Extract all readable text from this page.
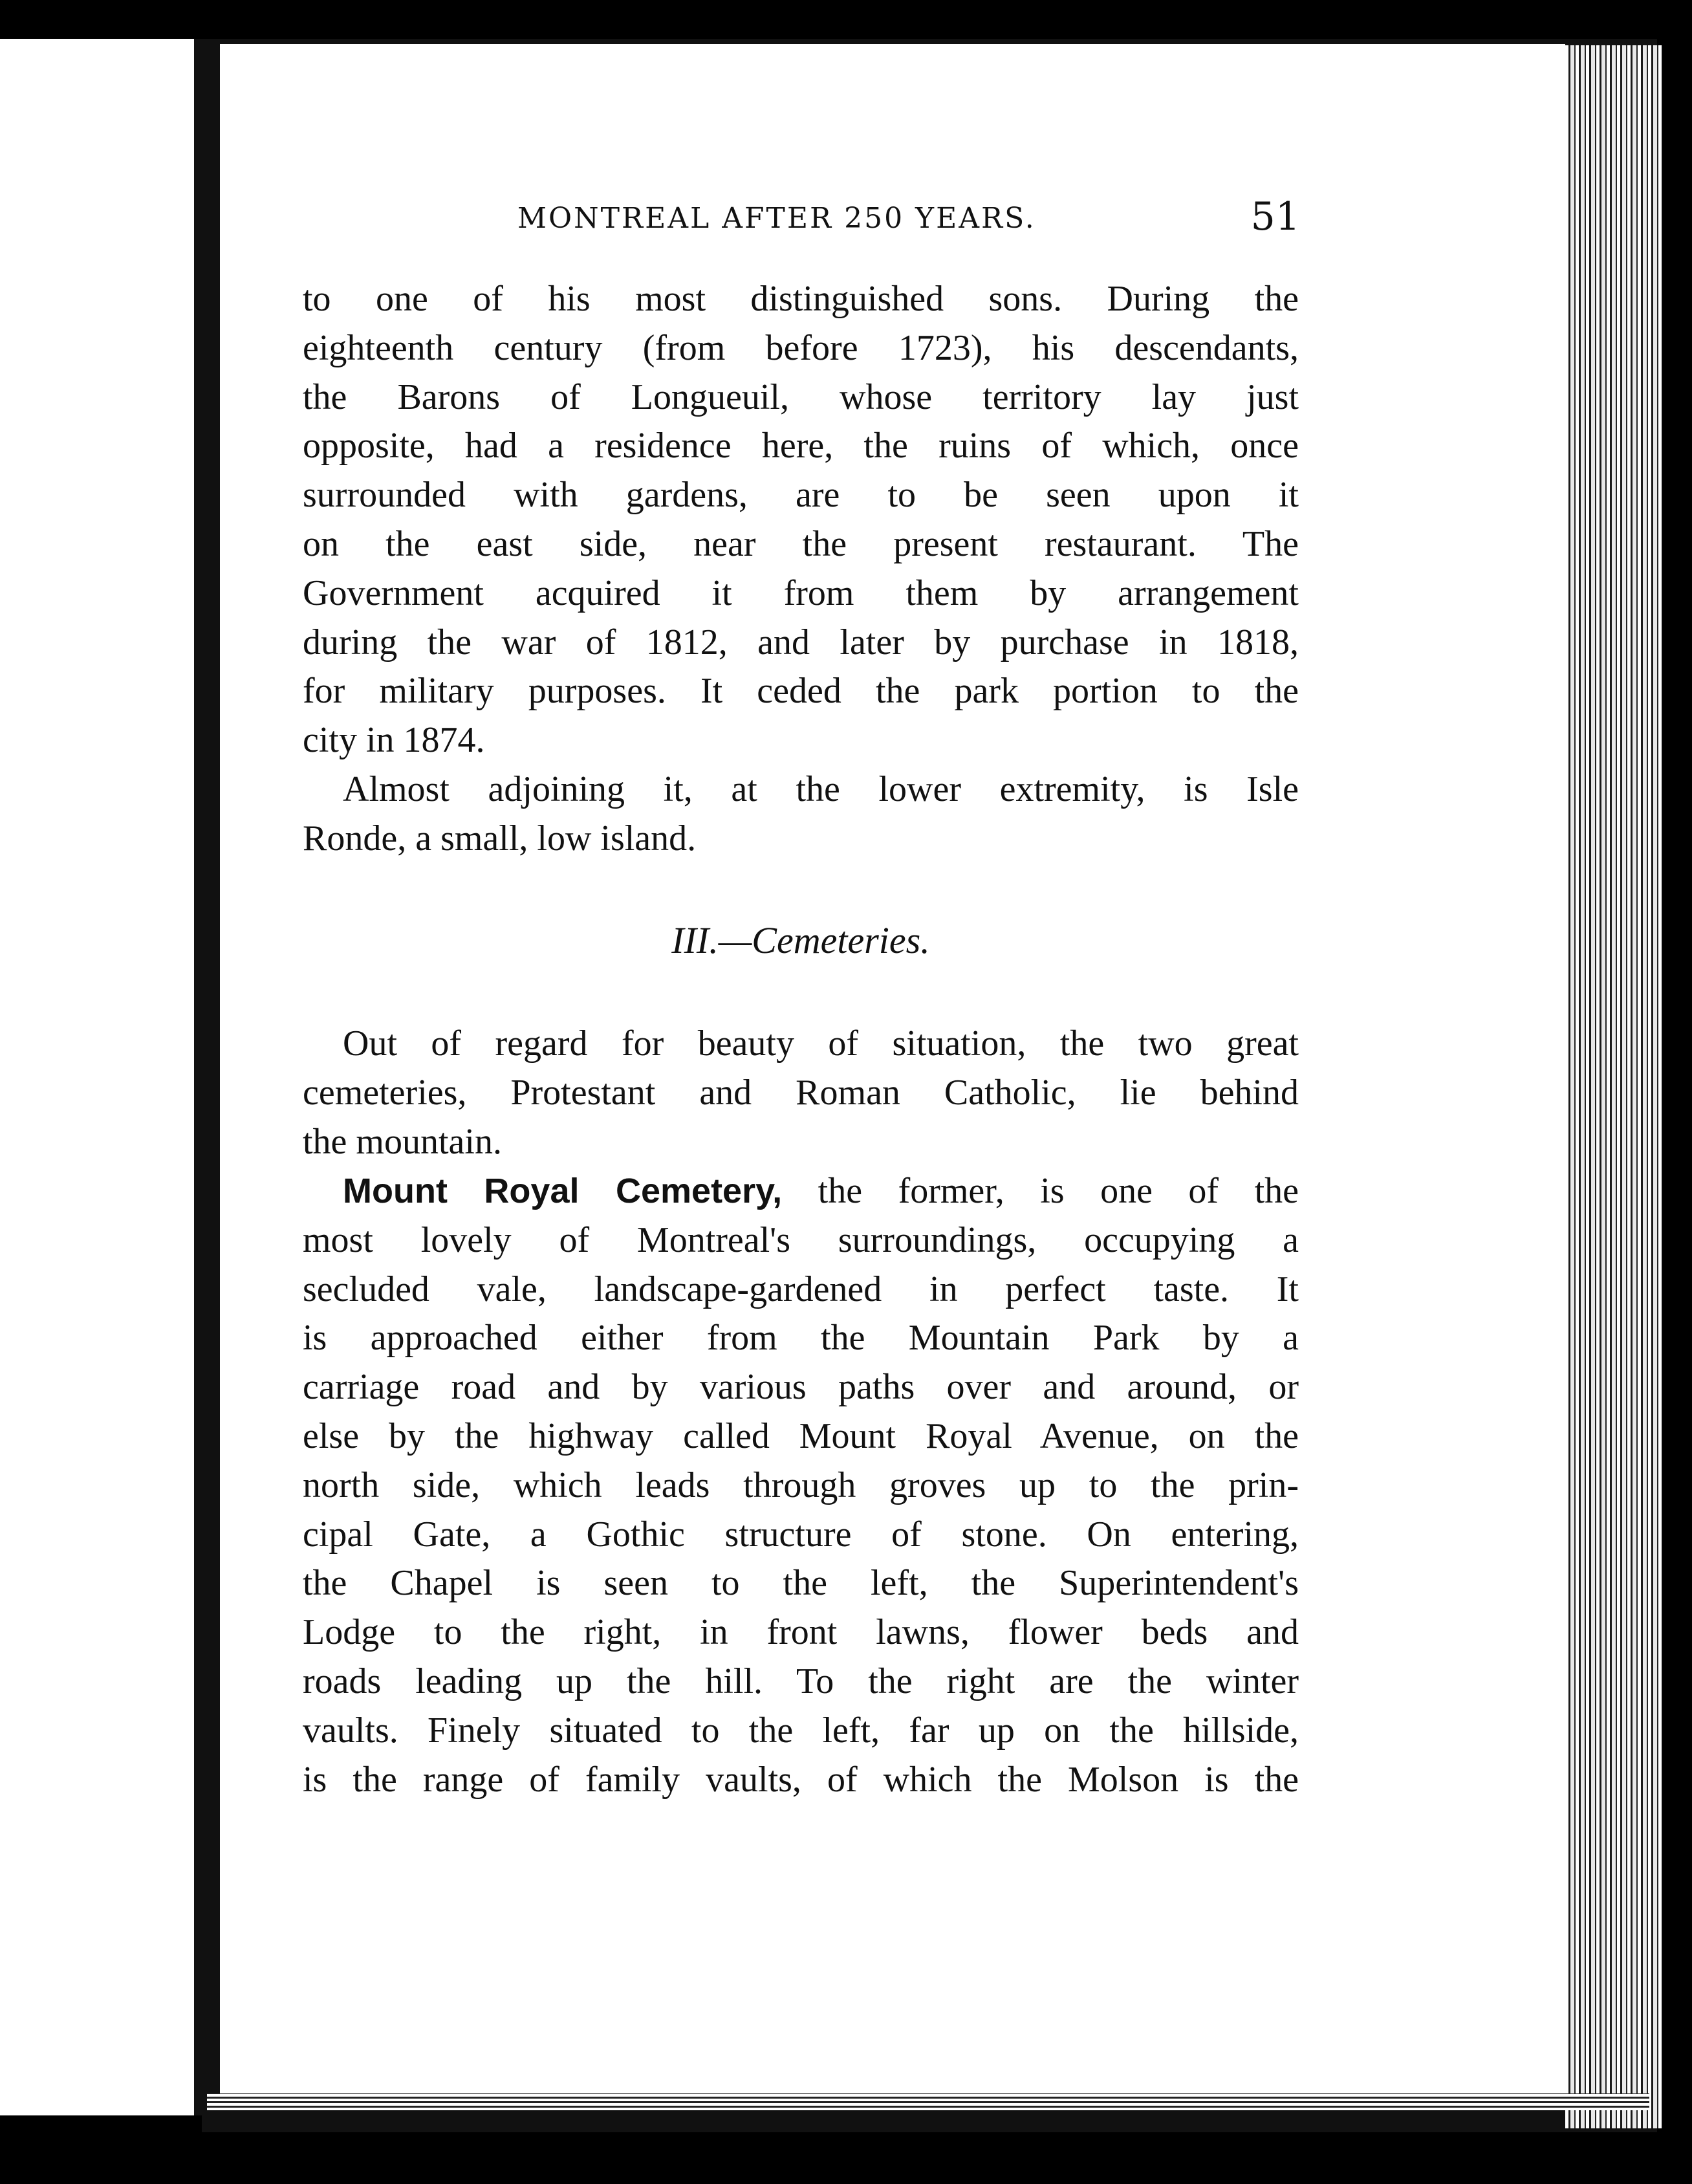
MONTREAL AFTER 250 YEARS.	51

to one of his most distinguished sons. During the
eighteenth century (from before 1723), his descendants,
the Barons of Longueuil, whose territory lay just
opposite, had a residence here, the ruins of which, once
surrounded with gardens, are to be seen upon it
on the east side, near the present restaurant. The
Government acquired it from them by arrangement
during the war of 1812, and later by purchase in 1818,
for military purposes. It ceded the park portion to the
city in 1874.

Almost adjoining it, at the lower extremity, is Isle
Ronde, a small, low island.

III.—Cemeteries.

Out of regard for beauty of situation, the two great
cemeteries, Protestant and Roman Catholic, lie behind
the mountain.

Mount Royal Cemetery, the former, is one of the
most lovely of Montreal's surroundings, occupying a
secluded vale, landscape-gardened in perfect taste. It
is approached either from the Mountain Park by a
carriage road and by various paths over and around, or
else by the highway called Mount Royal Avenue, on the
north side, which leads through groves up to the prin-
cipal Gate, a Gothic structure of stone. On entering,
the Chapel is seen to the left, the Superintendent's
Lodge to the right, in front lawns, flower beds and
roads leading up the hill. To the right are the winter
vaults. Finely situated to the left, far up on the hillside,
is the range of family vaults, of which the Molson is the
